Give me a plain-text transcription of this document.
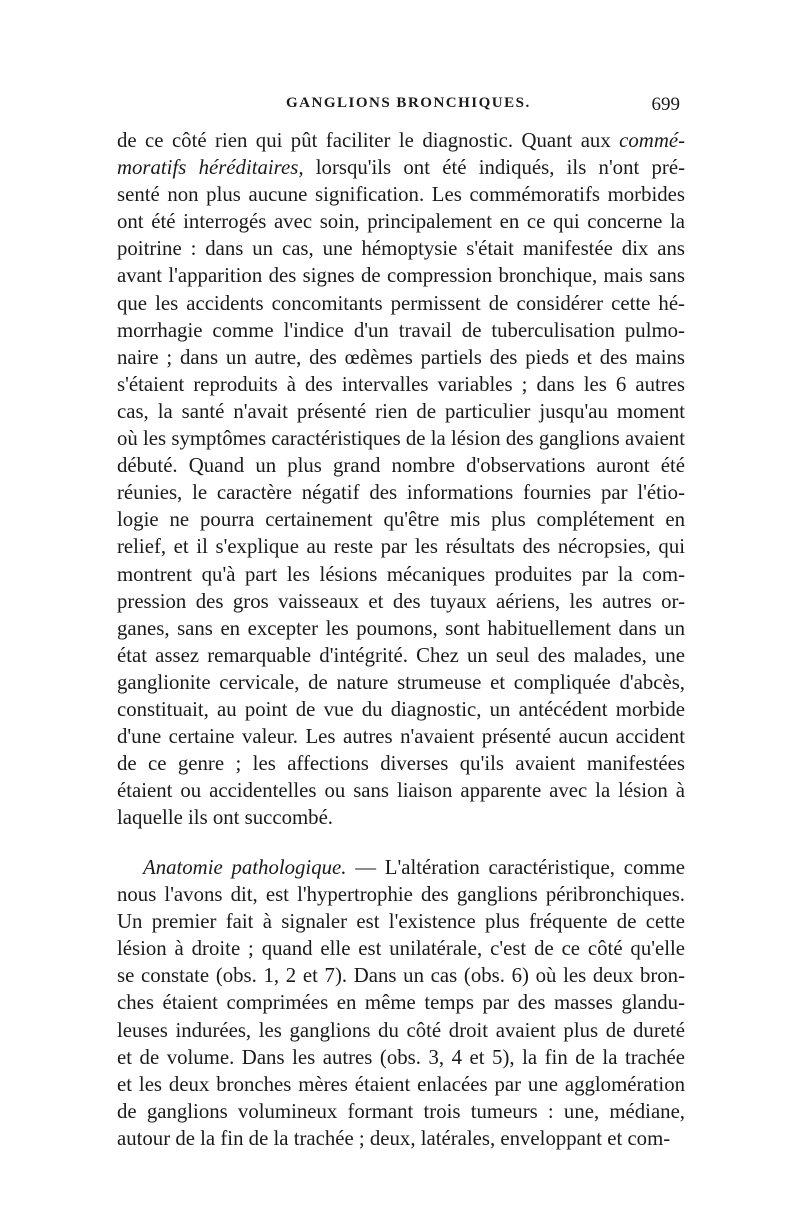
GANGLIONS BRONCHIQUES.	699
de ce côté rien qui pût faciliter le diagnostic. Quant aux commé-
moratifs héréditaires, lorsqu'ils ont été indiqués, ils n'ont pré-
senté non plus aucune signification. Les commémoratifs morbides
ont été interrogés avec soin, principalement en ce qui concerne la
poitrine : dans un cas, une hémoptysie s'était manifestée dix ans
avant l'apparition des signes de compression bronchique, mais sans
que les accidents concomitants permissent de considérer cette hé-
morrhagie comme l'indice d'un travail de tuberculisation pulmo-
naire ; dans un autre, des œdèmes partiels des pieds et des mains
s'étaient reproduits à des intervalles variables ; dans les 6 autres
cas, la santé n'avait présenté rien de particulier jusqu'au moment
où les symptômes caractéristiques de la lésion des ganglions avaient
débuté. Quand un plus grand nombre d'observations auront été
réunies, le caractère négatif des informations fournies par l'étio-
logie ne pourra certainement qu'être mis plus complétement en
relief, et il s'explique au reste par les résultats des nécropsies, qui
montrent qu'à part les lésions mécaniques produites par la com-
pression des gros vaisseaux et des tuyaux aériens, les autres or-
ganes, sans en excepter les poumons, sont habituellement dans un
état assez remarquable d'intégrité. Chez un seul des malades, une
ganglionite cervicale, de nature strumeuse et compliquée d'abcès,
constituait, au point de vue du diagnostic, un antécédent morbide
d'une certaine valeur. Les autres n'avaient présenté aucun accident
de ce genre ; les affections diverses qu'ils avaient manifestées
étaient ou accidentelles ou sans liaison apparente avec la lésion à
laquelle ils ont succombé.
Anatomie pathologique. — L'altération caractéristique, comme
nous l'avons dit, est l'hypertrophie des ganglions péribronchiques.
Un premier fait à signaler est l'existence plus fréquente de cette
lésion à droite ; quand elle est unilatérale, c'est de ce côté qu'elle
se constate (obs. 1, 2 et 7). Dans un cas (obs. 6) où les deux bron-
ches étaient comprimées en même temps par des masses glandu-
leuses indurées, les ganglions du côté droit avaient plus de dureté
et de volume. Dans les autres (obs. 3, 4 et 5), la fin de la trachée
et les deux bronches mères étaient enlacées par une agglomération
de ganglions volumineux formant trois tumeurs : une, médiane,
autour de la fin de la trachée ; deux, latérales, enveloppant et com-
